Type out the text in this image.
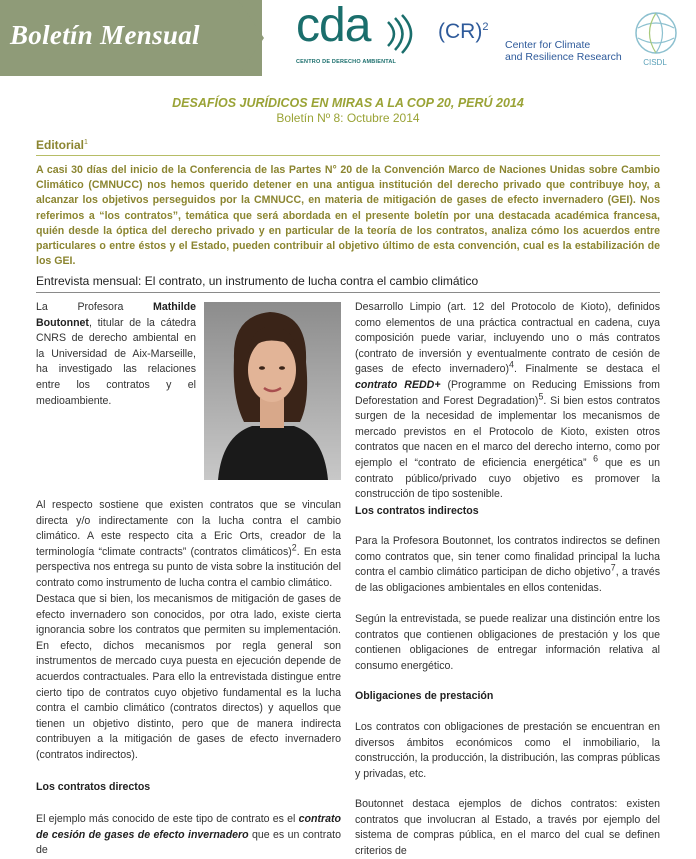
Boletín Mensual cda
CENTRO DE DERECHO AMBIENTAL
(CR)$^2$
Center for Climate
and Resilience Research	CISDL
DESAFÍOS JURÍDICOS EN MIRAS A LA COP 20, PERÚ 2014
Boletín Nº 8: Octubre 2014
Editorial$^1$
A casi 30 días del inicio de la Conferencia de las Partes N° 20 de la Convención Marco de Naciones Unidas sobre Cambio Climático (CMNUCC) nos hemos querido detener en una antigua institución del derecho privado que contribuye hoy, a alcanzar los objetivos perseguidos por la CMNUCC, en materia de mitigación de gases de efecto invernadero (GEI). Nos referimos a “los contratos”, temática que será abordada en el presente boletín por una destacada académica francesa, quién desde la óptica del derecho privado y en particular de la teoría de los contratos, analiza cómo los acuerdos entre particulares o entre éstos y el Estado, pueden contribuir al objetivo último de esta convención, cual es la estabilización de los GEI.
Entrevista mensual: El contrato, un instrumento de lucha contra el cambio climático
La Profesora Mathilde Boutonnet, titular de la cátedra CNRS de derecho ambiental en la Universidad de Aix-Marseille, ha investigado las relaciones entre los contratos y el medioambiente.
Al respecto sostiene que existen contratos que se vinculan directa y/o indirectamente con la lucha contra el cambio climático. A este respecto cita a Eric Orts, creador de la terminología “climate contracts” (contratos climáticos)$^2$. En esta perspectiva nos entrega su punto de vista sobre la institución del contrato como instrumento de lucha contra el cambio climático.
Destaca que si bien, los mecanismos de mitigación de gases de efecto invernadero son conocidos, por otra lado, existe cierta ignorancia sobre los contratos que permiten su implementación. En efecto, dichos mecanismos por regla general son instrumentos de mercado cuya puesta en ejecución depende de acuerdos contractuales. Para ello la entrevistada distingue entre cierto tipo de contratos cuyo objetivo fundamental es la lucha contra el cambio climático (contratos directos) y aquellos que tienen un objetivo distinto, pero que de manera indirecta contribuyen a la mitigación de gases de efecto invernadero (contratos indirectos).
Los contratos directos
El ejemplo más conocido de este tipo de contrato es el contrato de cesión de gases de efecto invernadero que es un contrato de
Desarrollo Limpio (art. 12 del Protocolo de Kioto), definidos como elementos de una práctica contractual en cadena, cuya composición puede variar, incluyendo uno o más contratos (contrato de inversión y eventualmente contrato de cesión de gases de efecto invernadero)$^4$. Finalmente se destaca el contrato REDD+ (Programme on Reducing Emissions from Deforestation and Forest Degradation)$^5$. Si bien estos contratos surgen de la necesidad de implementar los mecanismos de mercado previstos en el Protocolo de Kioto, existen otros contratos que nacen en el marco del derecho interno, como por ejemplo el “contrato de eficiencia energética” $^6$ que es un contrato público/privado cuyo objetivo es promover la construcción de tipo sostenible.
Los contratos indirectos
Para la Profesora Boutonnet, los contratos indirectos se definen como contratos que, sin tener como finalidad principal la lucha contra el cambio climático participan de dicho objetivo$^7$, a través de las obligaciones ambientales en ellos contenidas.
Según la entrevistada, se puede realizar una distinción entre los contratos que contienen obligaciones de prestación y los que contienen obligaciones de entregar información relativa al consumo energético.
Obligaciones de prestación
Los contratos con obligaciones de prestación se encuentran en diversos ámbitos económicos como el inmobiliario, la construcción, la producción, la distribución, las compras públicas y privadas, etc.
Boutonnet destaca ejemplos de dichos contratos: existen contratos que involucran al Estado, a través por ejemplo del sistema de compras pública, en el marco del cual se definen criterios de
